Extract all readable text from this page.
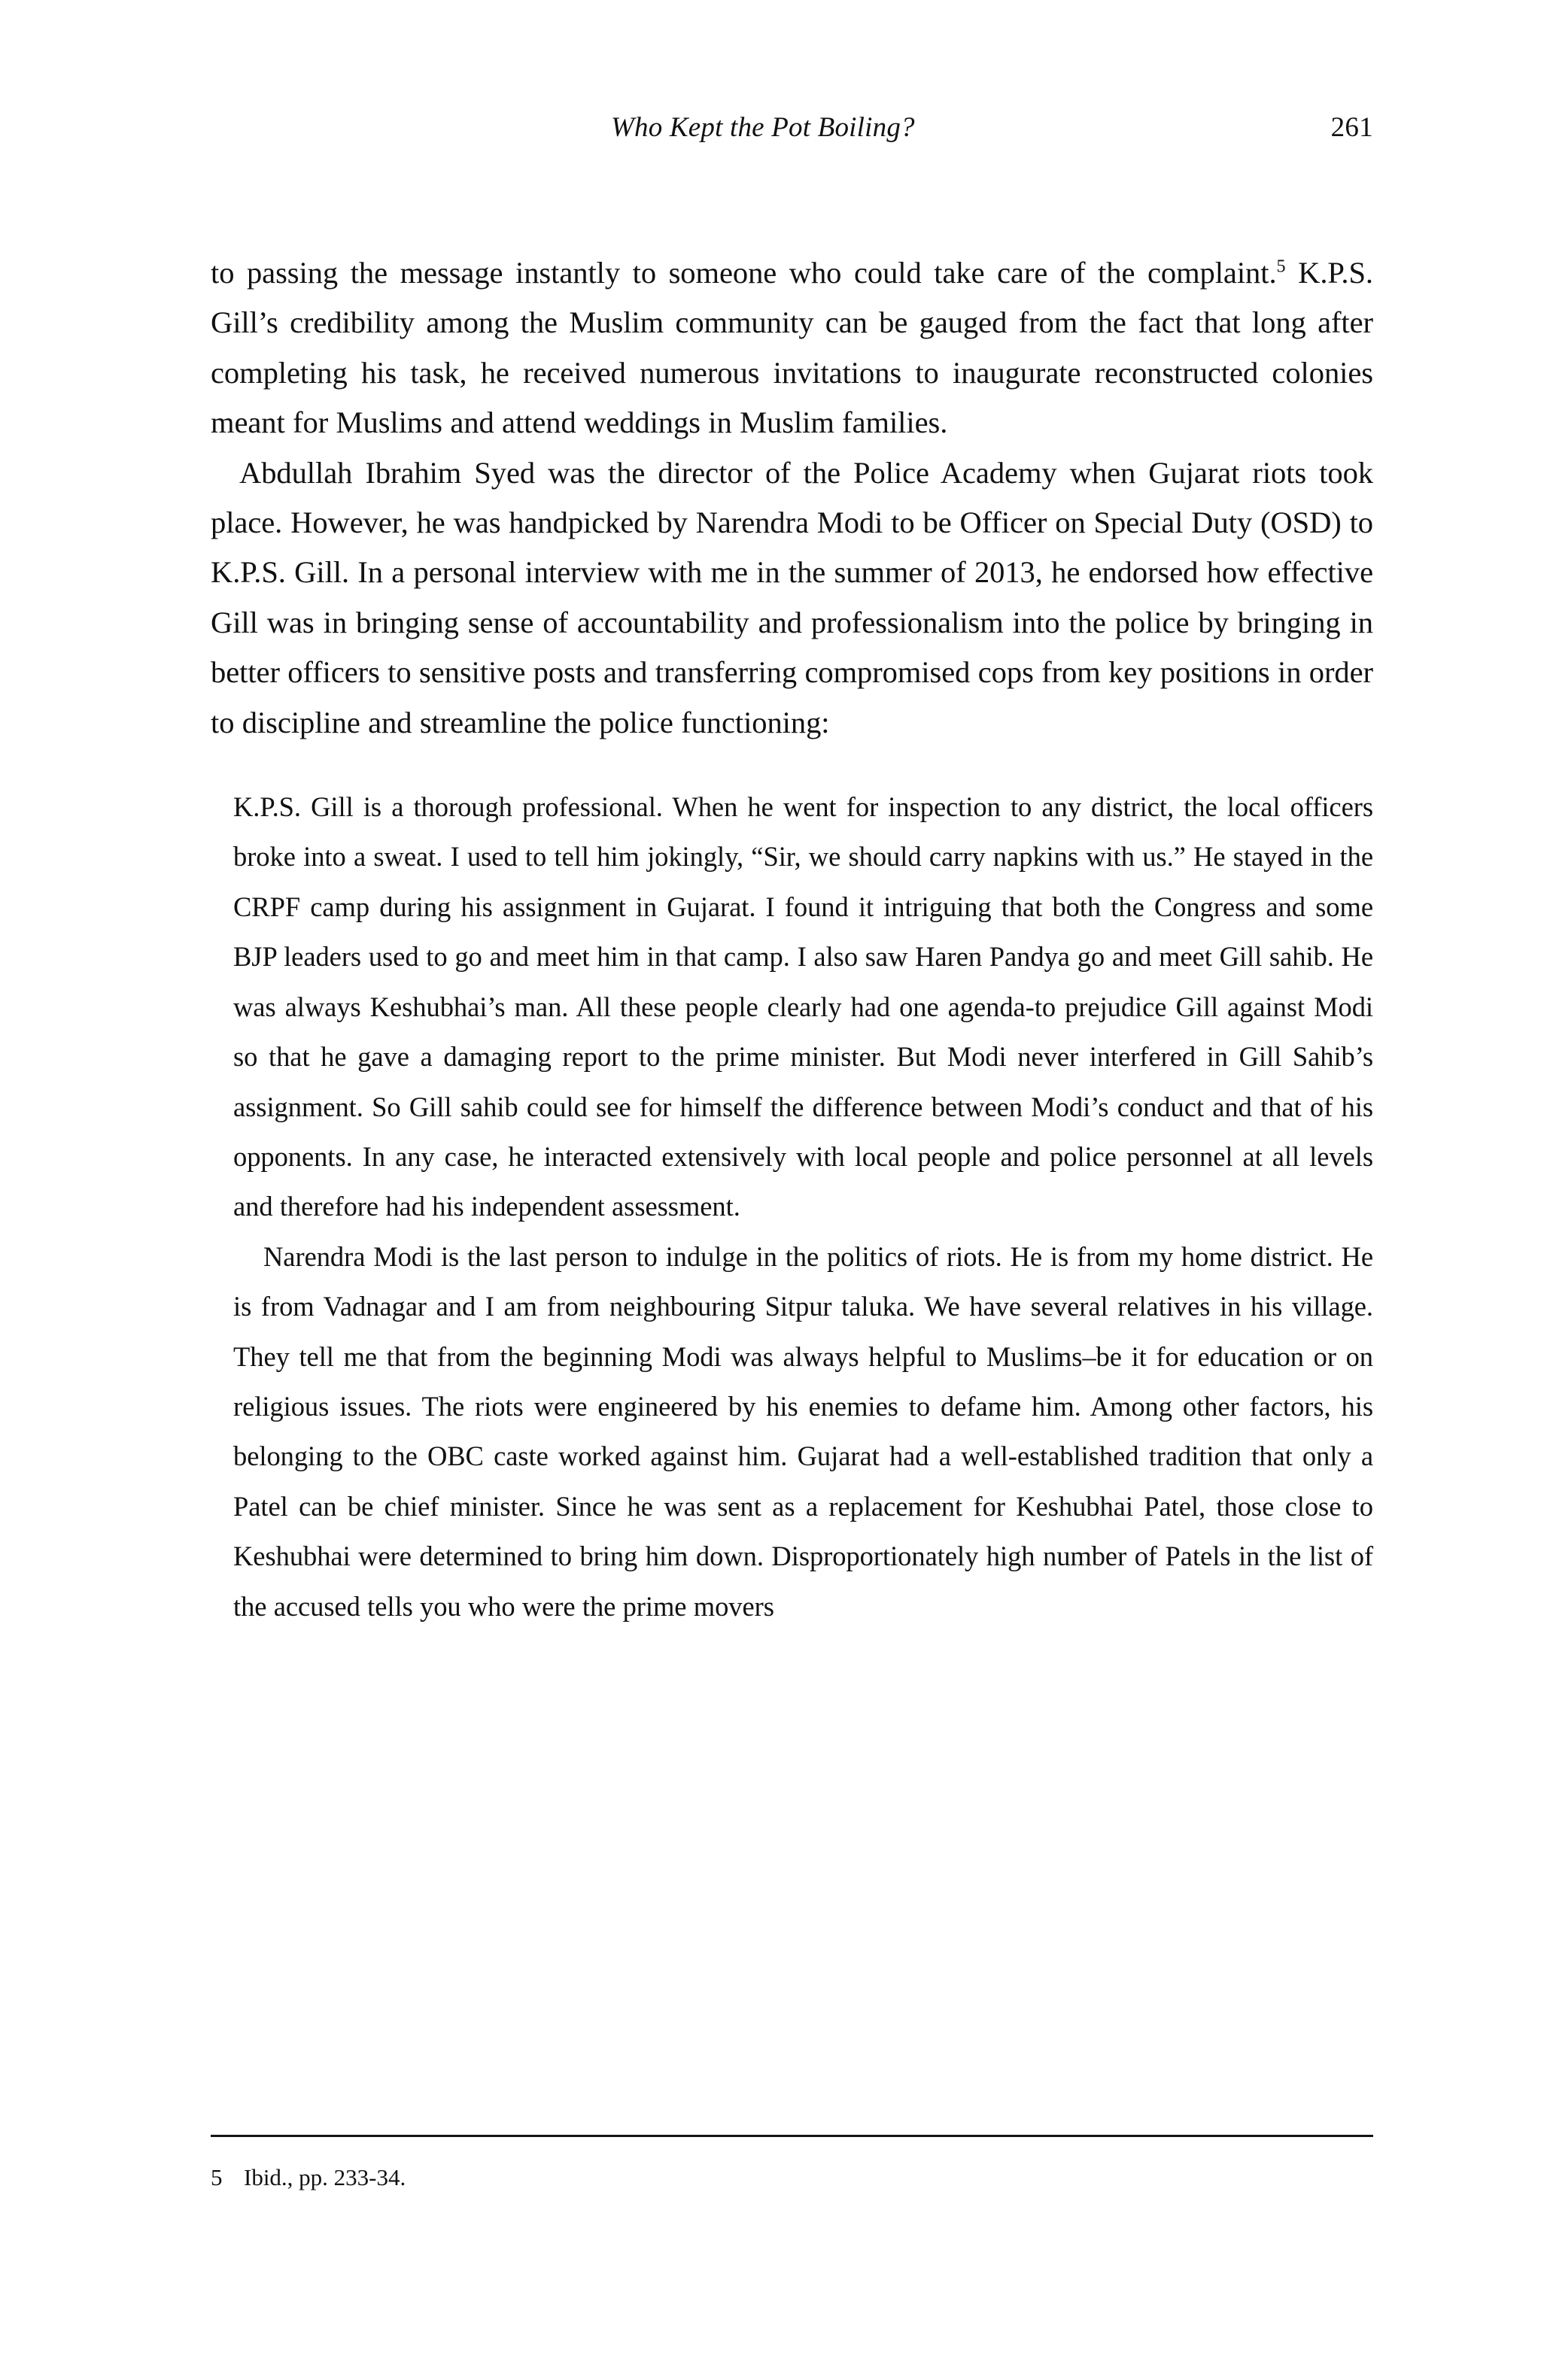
Who Kept the Pot Boiling?	261

to passing the message instantly to someone who could take care of the complaint.$^5$ K.P.S. Gill’s credibility among the Muslim community can be gauged from the fact that long after completing his task, he received numerous invitations to inaugurate reconstructed colonies meant for Muslims and attend weddings in Muslim families.

Abdullah Ibrahim Syed was the director of the Police Academy when Gujarat riots took place. However, he was handpicked by Narendra Modi to be Officer on Special Duty (OSD) to K.P.S. Gill. In a personal interview with me in the summer of 2013, he endorsed how effective Gill was in bringing sense of accountability and professionalism into the police by bringing in better officers to sensitive posts and transferring compromised cops from key positions in order to discipline and streamline the police functioning:

K.P.S. Gill is a thorough professional. When he went for inspection to any district, the local officers broke into a sweat. I used to tell him jokingly, “Sir, we should carry napkins with us.” He stayed in the CRPF camp during his assignment in Gujarat. I found it intriguing that both the Congress and some BJP leaders used to go and meet him in that camp. I also saw Haren Pandya go and meet Gill sahib. He was always Keshubhai’s man. All these people clearly had one agenda-to prejudice Gill against Modi so that he gave a damaging report to the prime minister. But Modi never interfered in Gill Sahib’s assignment. So Gill sahib could see for himself the difference between Modi’s conduct and that of his opponents. In any case, he interacted extensively with local people and police personnel at all levels and therefore had his independent assessment.

Narendra Modi is the last person to indulge in the politics of riots. He is from my home district. He is from Vadnagar and I am from neighbouring Sitpur taluka. We have several relatives in his village. They tell me that from the beginning Modi was always helpful to Muslims–be it for education or on religious issues. The riots were engineered by his enemies to defame him. Among other factors, his belonging to the OBC caste worked against him. Gujarat had a well-established tradition that only a Patel can be chief minister. Since he was sent as a replacement for Keshubhai Patel, those close to Keshubhai were determined to bring him down. Disproportionately high number of Patels in the list of the accused tells you who were the prime movers

5 Ibid., pp. 233-34.
